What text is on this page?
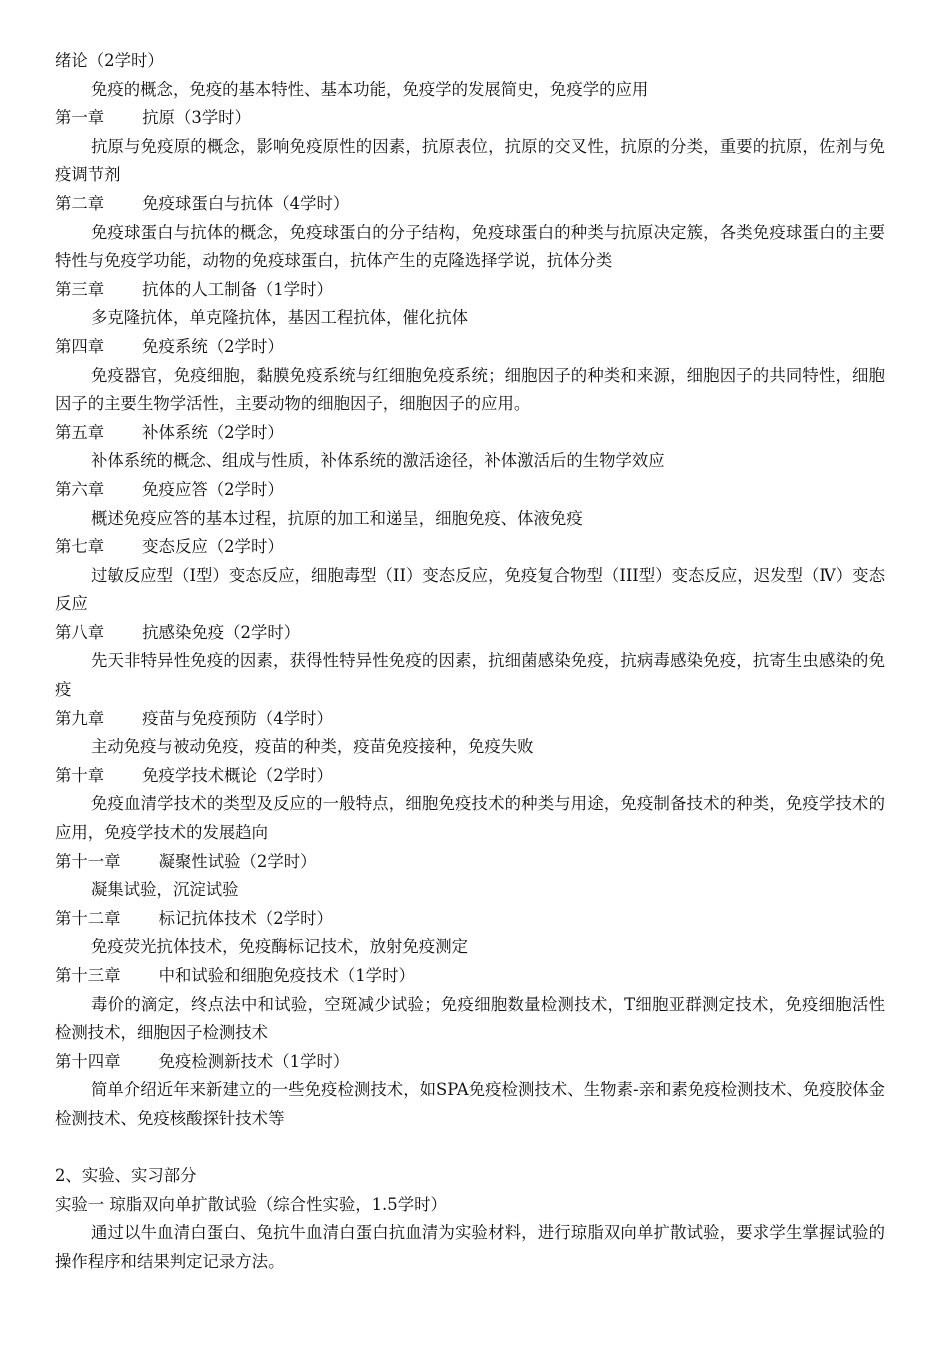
绪论（2学时）

免疫的概念，免疫的基本特性、基本功能，免疫学的发展简史，免疫学的应用

第一章 抗原（3学时）

抗原与免疫原的概念，影响免疫原性的因素，抗原表位，抗原的交叉性，抗原的分类，重要的抗原，佐剂与免疫调节剂

第二章 免疫球蛋白与抗体（4学时）

免疫球蛋白与抗体的概念，免疫球蛋白的分子结构，免疫球蛋白的种类与抗原决定簇，各类免疫球蛋白的主要特性与免疫学功能，动物的免疫球蛋白，抗体产生的克隆选择学说，抗体分类

第三章 抗体的人工制备（1学时）

多克隆抗体，单克隆抗体，基因工程抗体，催化抗体

第四章 免疫系统（2学时）

免疫器官，免疫细胞，黏膜免疫系统与红细胞免疫系统；细胞因子的种类和来源，细胞因子的共同特性，细胞因子的主要生物学活性，主要动物的细胞因子，细胞因子的应用。

第五章 补体系统（2学时）

补体系统的概念、组成与性质，补体系统的激活途径，补体激活后的生物学效应

第六章 免疫应答（2学时）

概述免疫应答的基本过程，抗原的加工和递呈，细胞免疫、体液免疫

第七章 变态反应（2学时）

过敏反应型（Ⅰ型）变态反应，细胞毒型（II）变态反应，免疫复合物型（III型）变态反应，迟发型（Ⅳ）变态反应

第八章 抗感染免疫（2学时）

先天非特异性免疫的因素，获得性特异性免疫的因素，抗细菌感染免疫，抗病毒感染免疫，抗寄生虫感染的免疫

第九章 疫苗与免疫预防（4学时）

主动免疫与被动免疫，疫苗的种类，疫苗免疫接种，免疫失败

第十章 免疫学技术概论（2学时）

免疫血清学技术的类型及反应的一般特点，细胞免疫技术的种类与用途，免疫制备技术的种类，免疫学技术的应用，免疫学技术的发展趋向

第十一章 凝聚性试验（2学时）

凝集试验，沉淀试验

第十二章 标记抗体技术（2学时）

免疫荧光抗体技术，免疫酶标记技术，放射免疫测定

第十三章 中和试验和细胞免疫技术（1学时）

毒价的滴定，终点法中和试验，空斑减少试验；免疫细胞数量检测技术，T细胞亚群测定技术，免疫细胞活性检测技术，细胞因子检测技术

第十四章 免疫检测新技术（1学时）

简单介绍近年来新建立的一些免疫检测技术，如SPA免疫检测技术、生物素-亲和素免疫检测技术、免疫胶体金检测技术、免疫核酸探针技术等

2、实验、实习部分

实验一 琼脂双向单扩散试验（综合性实验，1.5学时）

通过以牛血清白蛋白、兔抗牛血清白蛋白抗血清为实验材料，进行琼脂双向单扩散试验，要求学生掌握试验的操作程序和结果判定记录方法。
